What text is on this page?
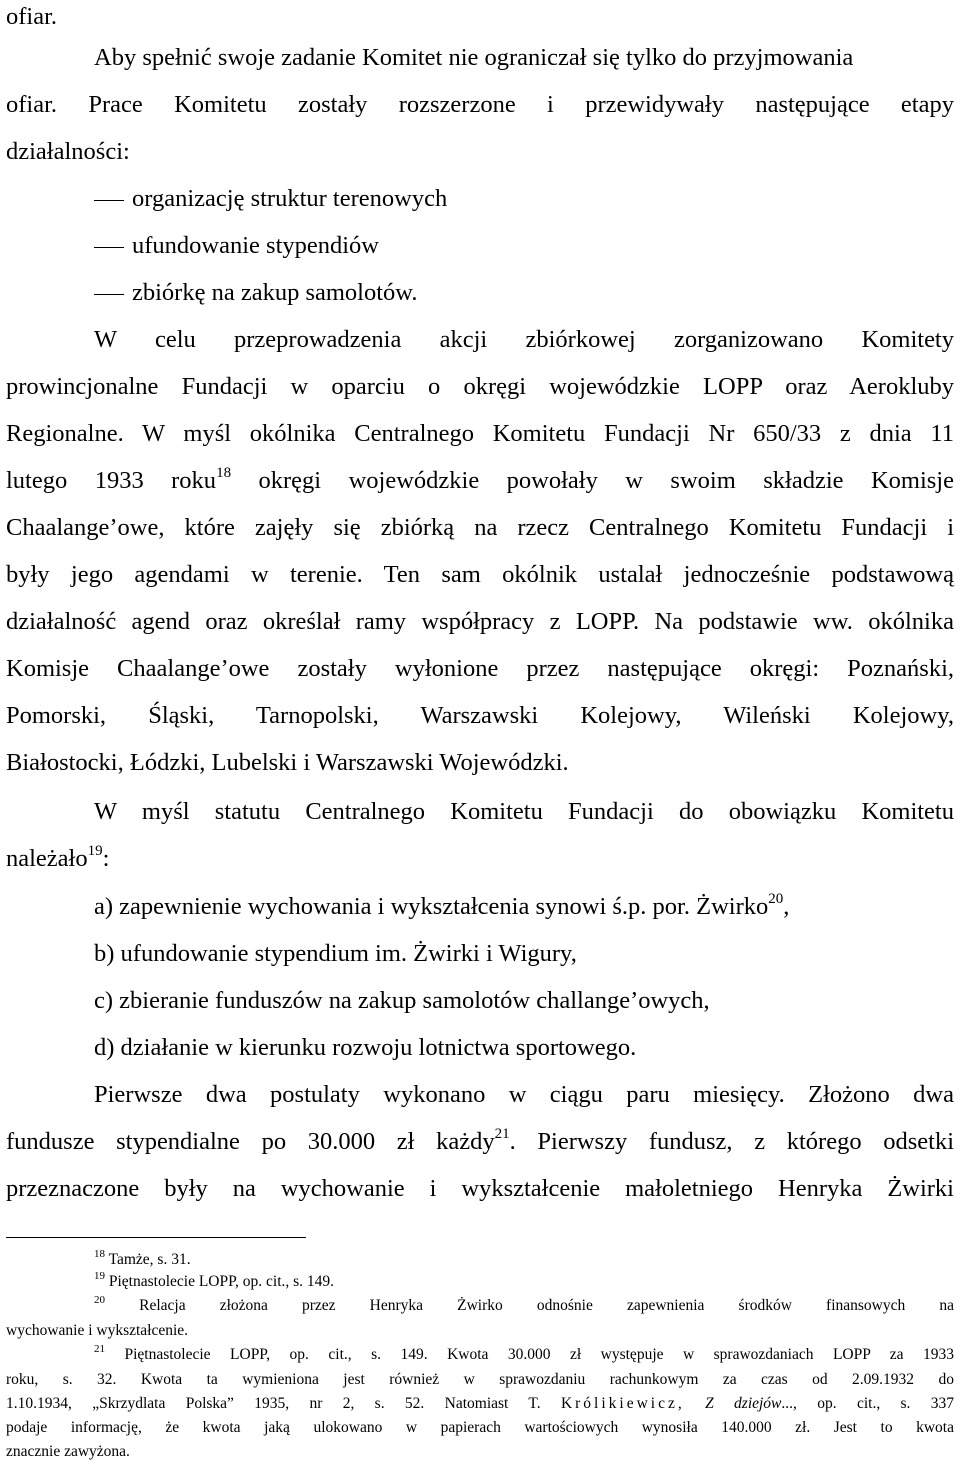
ofiar.
Aby spełnić swoje zadanie Komitet nie ograniczał się tylko do przyjmowania
ofiar. Prace Komitetu zostały rozszerzone i przewidywały następujące etapy
działalności:
organizację struktur terenowych
ufundowanie stypendiów
zbiórkę na zakup samolotów.
W celu przeprowadzenia akcji zbiórkowej zorganizowano Komitety
prowincjonalne Fundacji w oparciu o okręgi wojewódzkie LOPP oraz Aerokluby
Regionalne. W myśl okólnika Centralnego Komitetu Fundacji Nr 650/33 z dnia 11
lutego 1933 roku$^{18}$ okręgi wojewódzkie powołały w swoim składzie Komisje
Chaalange’owe, które zajęły się zbiórką na rzecz Centralnego Komitetu Fundacji i
były jego agendami w terenie. Ten sam okólnik ustalał jednocześnie podstawową
działalność agend oraz określał ramy współpracy z LOPP. Na podstawie ww. okólnika
Komisje Chaalange’owe zostały wyłonione przez następujące okręgi: Poznański,
Pomorski, Śląski, Tarnopolski, Warszawski Kolejowy, Wileński Kolejowy,
Białostocki, Łódzki, Lubelski i Warszawski Wojewódzki.
W myśl statutu Centralnego Komitetu Fundacji do obowiązku Komitetu
należało$^{19}$:
a) zapewnienie wychowania i wykształcenia synowi ś.p. por. Żwirko$^{20}$,
b) ufundowanie stypendium im. Żwirki i Wigury,
c) zbieranie funduszów na zakup samolotów challange’owych,
d) działanie w kierunku rozwoju lotnictwa sportowego.
Pierwsze dwa postulaty wykonano w ciągu paru miesięcy. Złożono dwa
fundusze stypendialne po 30.000 zł każdy$^{21}$. Pierwszy fundusz, z którego odsetki
przeznaczone były na wychowanie i wykształcenie małoletniego Henryka Żwirki
$^{18}$ Tamże, s. 31.
$^{19}$ Piętnastolecie LOPP, op. cit., s. 149.
$^{20}$ Relacja złożona przez Henryka Żwirko odnośnie zapewnienia środków finansowych na
wychowanie i wykształcenie.
$^{21}$ Piętnastolecie LOPP, op. cit., s. 149. Kwota 30.000 zł występuje w sprawozdaniach LOPP za 1933
roku, s. 32. Kwota ta wymieniona jest również w sprawozdaniu rachunkowym za czas od 2.09.1932 do
1.10.1934, „Skrzydlata Polska” 1935, nr 2, s. 52. Natomiast T. Królikiewicz, Z dziejów..., op. cit., s. 337
podaje informację, że kwota jaką ulokowano w papierach wartościowych wynosiła 140.000 zł. Jest to kwota
znacznie zawyżona.
